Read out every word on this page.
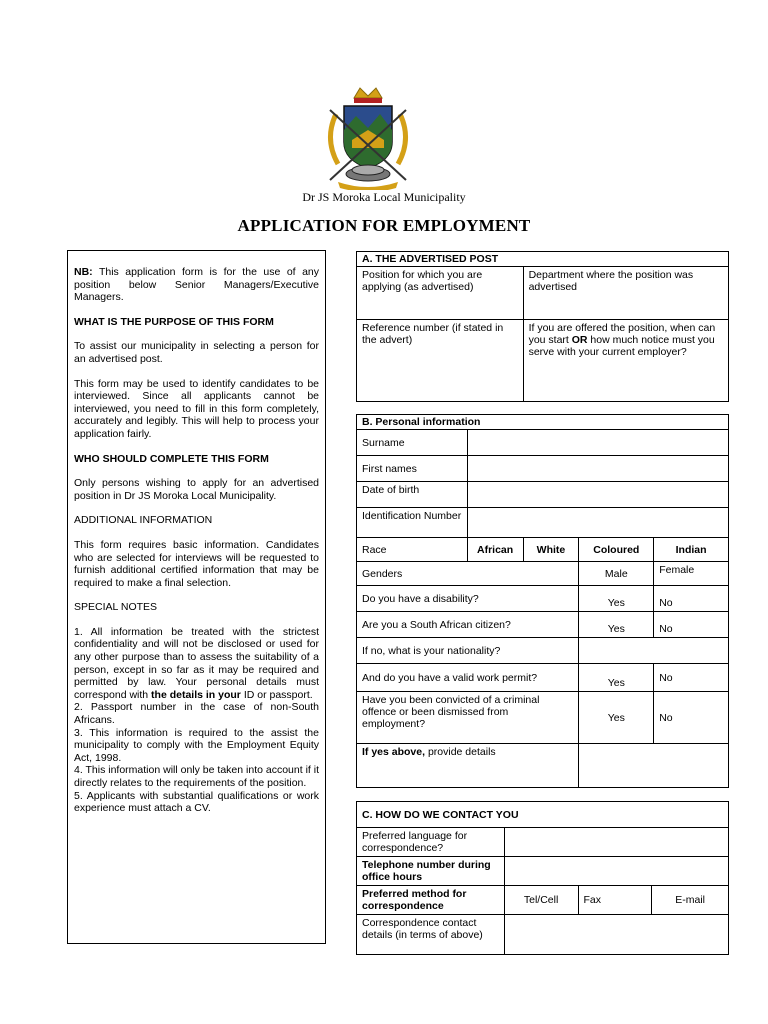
Dr JS Moroka Local Municipality
APPLICATION FOR EMPLOYMENT

NB: This application form is for the use of any position below Senior Managers/Executive Managers.

WHAT IS THE PURPOSE OF THIS FORM

To assist our municipality in selecting a person for an advertised post.

This form may be used to identify candidates to be interviewed. Since all applicants cannot be interviewed, you need to fill in this form completely, accurately and legibly. This will help to process your application fairly.

WHO SHOULD COMPLETE THIS FORM

Only persons wishing to apply for an advertised position in Dr JS Moroka Local Municipality.

ADDITIONAL INFORMATION

This form requires basic information. Candidates who are selected for interviews will be requested to furnish additional certified information that may be required to make a final selection.

SPECIAL NOTES

1. All information be treated with the strictest confidentiality and will not be disclosed or used for any other purpose than to assess the suitability of a person, except in so far as it may be required and permitted by law. Your personal details must correspond with the details in your ID or passport.

2. Passport number in the case of non-South Africans.

3. This information is required to the assist the municipality to comply with the Employment Equity Act, 1998.

4. This information will only be taken into account if it directly relates to the requirements of the position.

5. Applicants with substantial qualifications or work experience must attach a CV.

A. THE ADVERTISED POST	
Position for which you are applying (as advertised)	Department where the position was advertised
Reference number (if stated in the advert)	If you are offered the position, when can you start OR how much notice must you serve with your current employer?
B. Personal information				
Surname				
First names				
Date of birth				
Identification Number				
Race	African	White	Coloured	Indian
Genders			Male	Female
Do you have a disability?			Yes	No
Are you a South African citizen?			Yes	No
If no, what is your nationality?				
And do you have a valid work permit?			Yes	No
Have you been convicted of a criminal offence or been dismissed from employment?			Yes	No
If yes above, provide details				
C. HOW DO WE CONTACT YOU			
Preferred language for correspondence?			
Telephone number during office hours			
Preferred method for correspondence	Tel/Cell	Fax	E-mail
Correspondence contact details (in terms of above)			
